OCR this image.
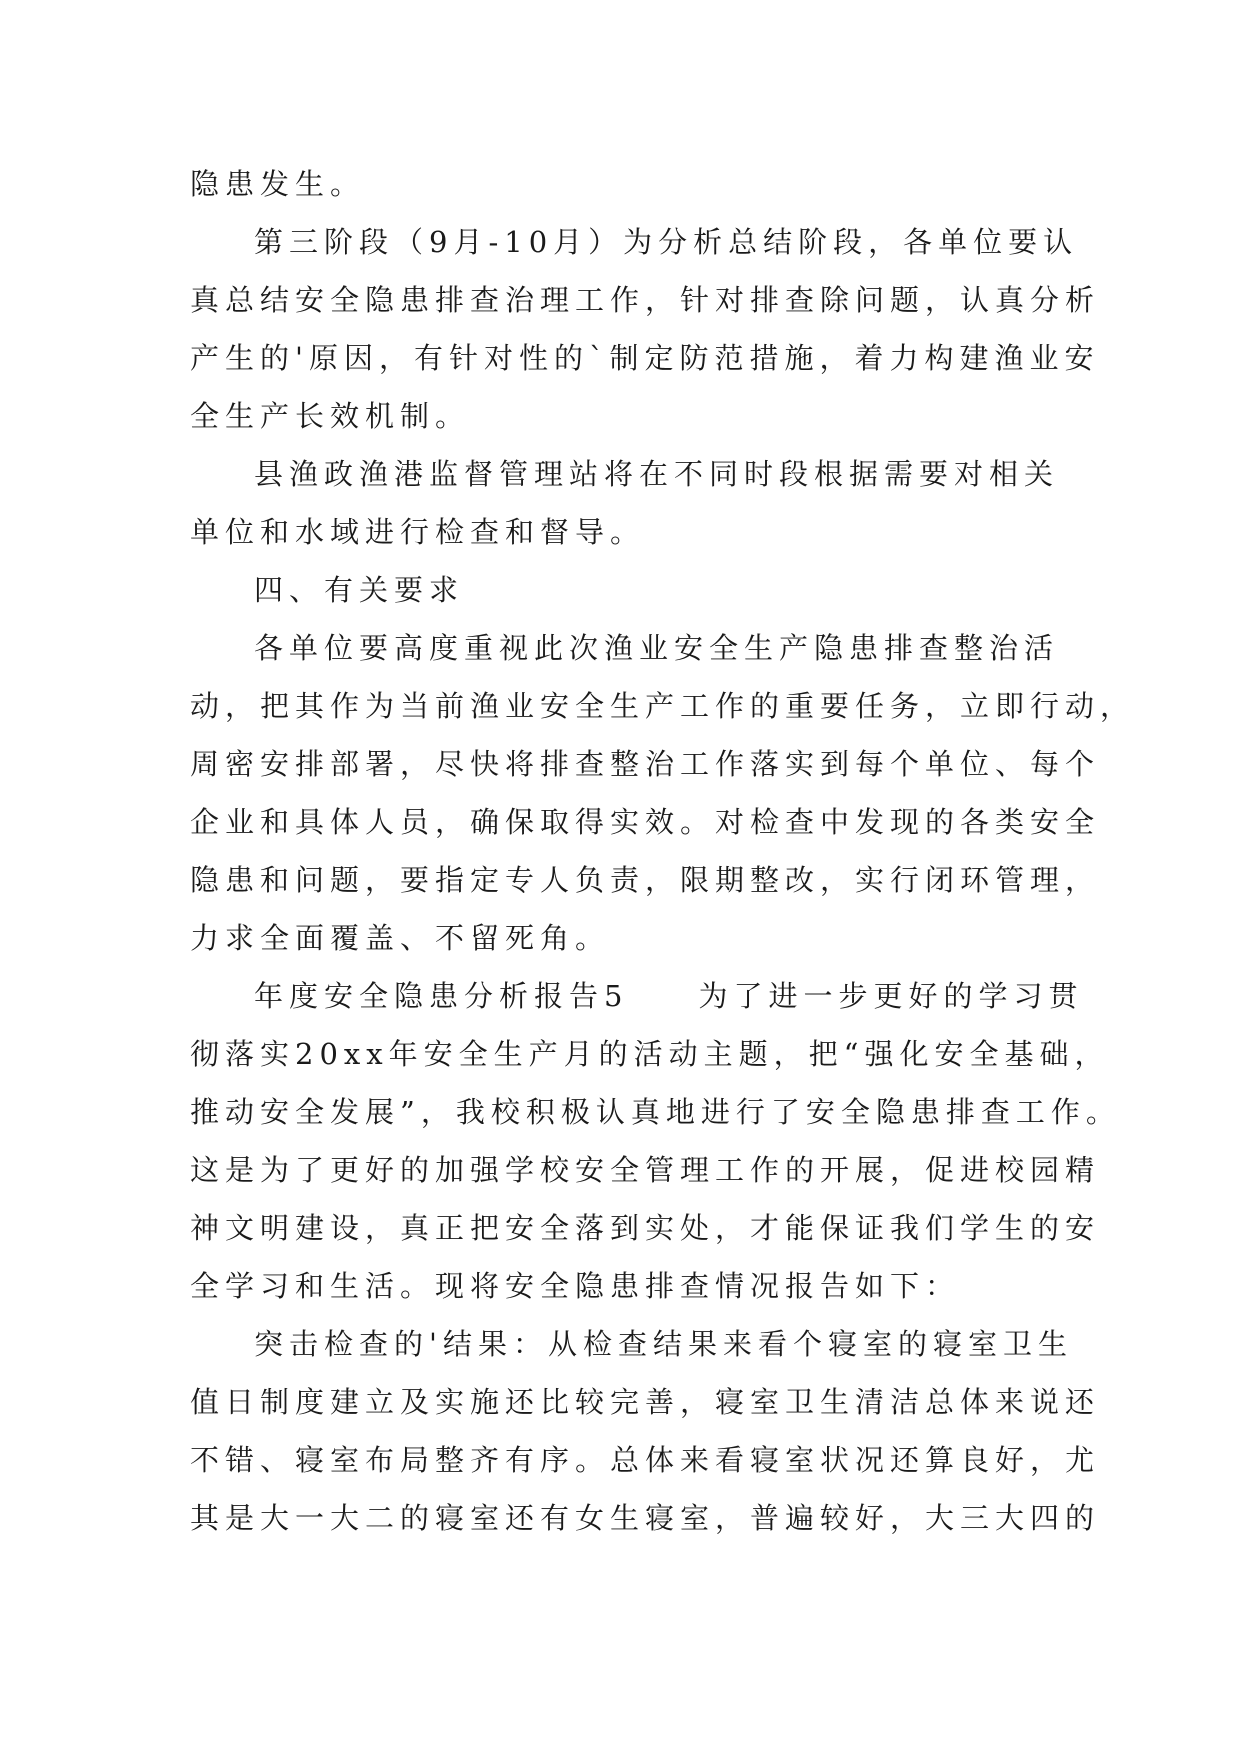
隐患发生。
第三阶段（9月-10月）为分析总结阶段，各单位要认
真总结安全隐患排查治理工作，针对排查除问题，认真分析
产生的'原因，有针对性的`制定防范措施，着力构建渔业安
全生产长效机制。
县渔政渔港监督管理站将在不同时段根据需要对相关
单位和水域进行检查和督导。
四、有关要求
各单位要高度重视此次渔业安全生产隐患排查整治活
动，把其作为当前渔业安全生产工作的重要任务，立即行动，
周密安排部署，尽快将排查整治工作落实到每个单位、每个
企业和具体人员，确保取得实效。对检查中发现的各类安全
隐患和问题，要指定专人负责，限期整改，实行闭环管理，
力求全面覆盖、不留死角。
年度安全隐患分析报告5　　为了进一步更好的学习贯
彻落实20xx年安全生产月的活动主题，把“强化安全基础，
推动安全发展”，我校积极认真地进行了安全隐患排查工作。
这是为了更好的加强学校安全管理工作的开展，促进校园精
神文明建设，真正把安全落到实处，才能保证我们学生的安
全学习和生活。现将安全隐患排查情况报告如下：
突击检查的'结果：从检查结果来看个寝室的寝室卫生
值日制度建立及实施还比较完善，寝室卫生清洁总体来说还
不错、寝室布局整齐有序。总体来看寝室状况还算良好，尤
其是大一大二的寝室还有女生寝室，普遍较好，大三大四的
